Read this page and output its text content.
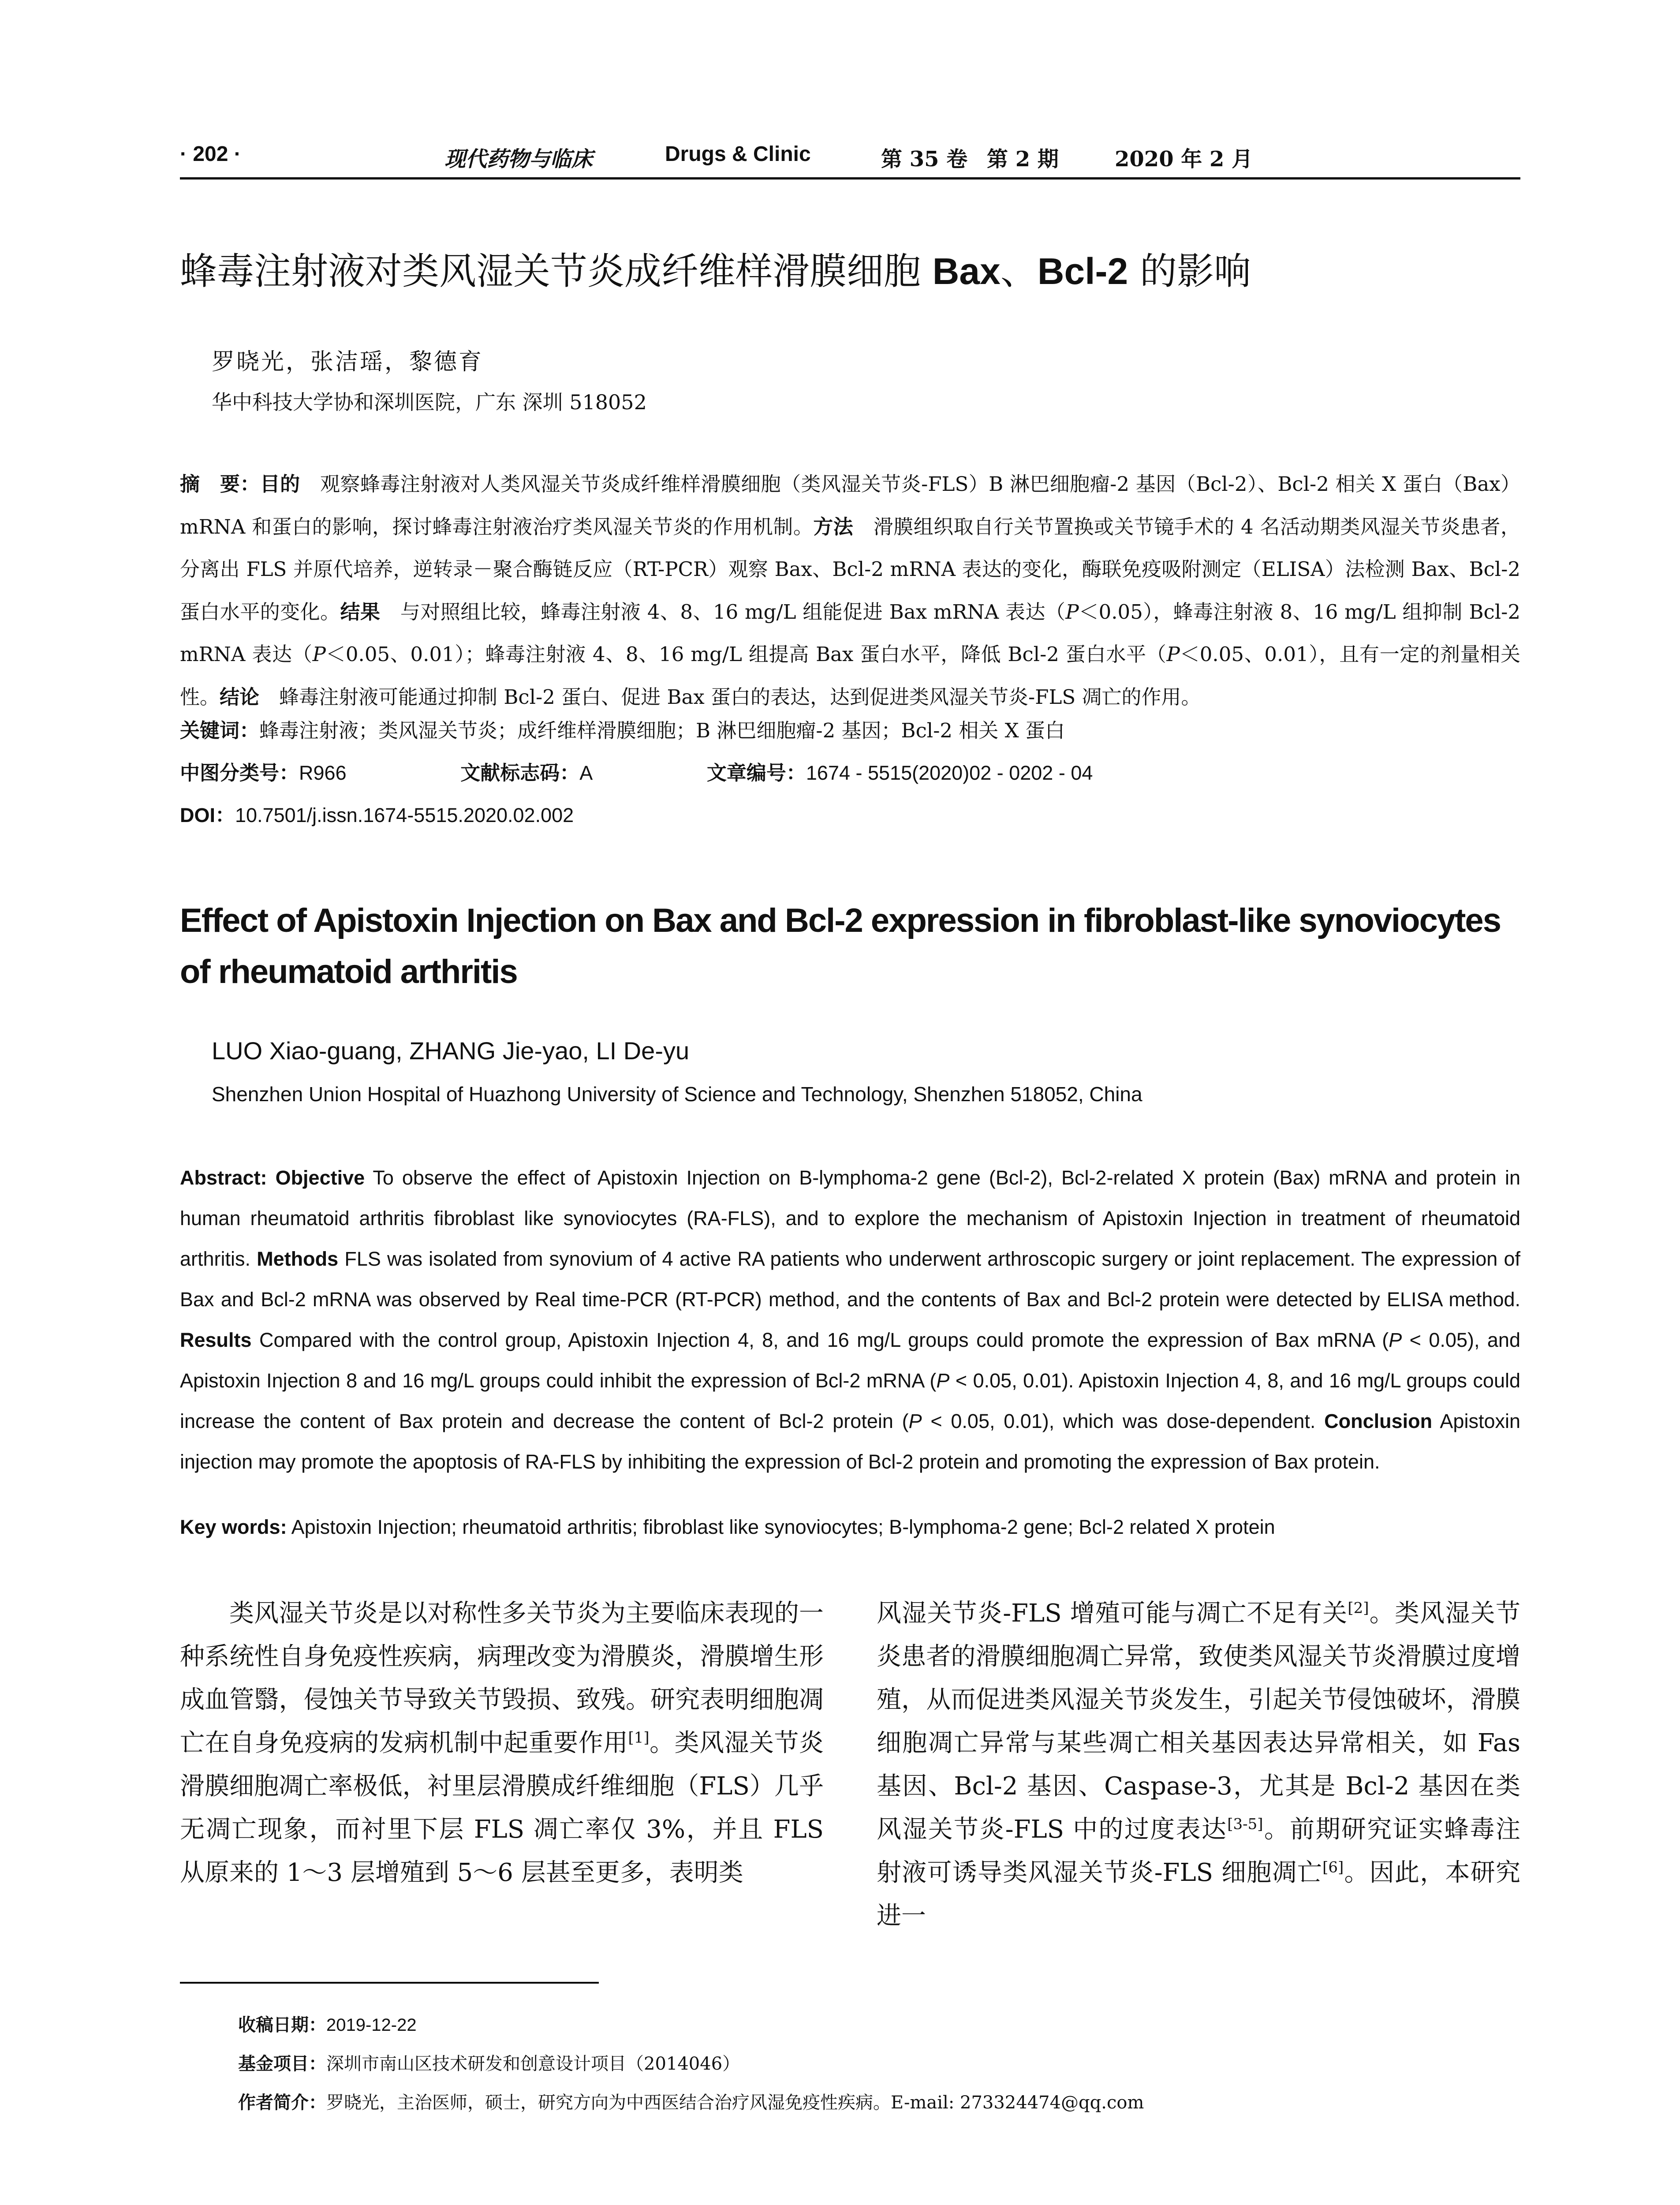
· 202 ·	现代药物与临床	Drugs & Clinic	第 35 卷 第 2 期	2020 年 2 月
蜂毒注射液对类风湿关节炎成纤维样滑膜细胞 Bax、Bcl-2 的影响
罗晓光，张洁瑶，黎德育
华中科技大学协和深圳医院，广东 深圳 518052
摘　要：目的　观察蜂毒注射液对人类风湿关节炎成纤维样滑膜细胞（类风湿关节炎-FLS）B 淋巴细胞瘤-2 基因（Bcl-2）、Bcl-2 相关 X 蛋白（Bax）mRNA 和蛋白的影响，探讨蜂毒注射液治疗类风湿关节炎的作用机制。方法　滑膜组织取自行关节置换或关节镜手术的 4 名活动期类风湿关节炎患者，分离出 FLS 并原代培养，逆转录－聚合酶链反应（RT-PCR）观察 Bax、Bcl-2 mRNA 表达的变化，酶联免疫吸附测定（ELISA）法检测 Bax、Bcl-2 蛋白水平的变化。结果　与对照组比较，蜂毒注射液 4、8、16 mg/L 组能促进 Bax mRNA 表达（P＜0.05），蜂毒注射液 8、16 mg/L 组抑制 Bcl-2 mRNA 表达（P＜0.05、0.01）；蜂毒注射液 4、8、16 mg/L 组提高 Bax 蛋白水平，降低 Bcl-2 蛋白水平（P＜0.05、0.01），且有一定的剂量相关性。结论　蜂毒注射液可能通过抑制 Bcl-2 蛋白、促进 Bax 蛋白的表达，达到促进类风湿关节炎-FLS 凋亡的作用。
关键词：蜂毒注射液；类风湿关节炎；成纤维样滑膜细胞；B 淋巴细胞瘤-2 基因；Bcl-2 相关 X 蛋白
中图分类号：R966	文献标志码：A	文章编号：1674 - 5515(2020)02 - 0202 - 04
DOI：10.7501/j.issn.1674-5515.2020.02.002
Effect of Apistoxin Injection on Bax and Bcl-2 expression in fibroblast-like synoviocytes of rheumatoid arthritis
LUO Xiao-guang, ZHANG Jie-yao, LI De-yu
Shenzhen Union Hospital of Huazhong University of Science and Technology, Shenzhen 518052, China
Abstract: Objective To observe the effect of Apistoxin Injection on B-lymphoma-2 gene (Bcl-2), Bcl-2-related X protein (Bax) mRNA and protein in human rheumatoid arthritis fibroblast like synoviocytes (RA-FLS), and to explore the mechanism of Apistoxin Injection in treatment of rheumatoid arthritis. Methods FLS was isolated from synovium of 4 active RA patients who underwent arthroscopic surgery or joint replacement. The expression of Bax and Bcl-2 mRNA was observed by Real time-PCR (RT-PCR) method, and the contents of Bax and Bcl-2 protein were detected by ELISA method. Results Compared with the control group, Apistoxin Injection 4, 8, and 16 mg/L groups could promote the expression of Bax mRNA (P < 0.05), and Apistoxin Injection 8 and 16 mg/L groups could inhibit the expression of Bcl-2 mRNA (P < 0.05, 0.01). Apistoxin Injection 4, 8, and 16 mg/L groups could increase the content of Bax protein and decrease the content of Bcl-2 protein (P < 0.05, 0.01), which was dose-dependent. Conclusion Apistoxin injection may promote the apoptosis of RA-FLS by inhibiting the expression of Bcl-2 protein and promoting the expression of Bax protein.
Key words: Apistoxin Injection; rheumatoid arthritis; fibroblast like synoviocytes; B-lymphoma-2 gene; Bcl-2 related X protein
类风湿关节炎是以对称性多关节炎为主要临床表现的一种系统性自身免疫性疾病，病理改变为滑膜炎，滑膜增生形成血管翳，侵蚀关节导致关节毁损、致残。研究表明细胞凋亡在自身免疫病的发病机制中起重要作用[1]。类风湿关节炎滑膜细胞凋亡率极低，衬里层滑膜成纤维细胞（FLS）几乎无凋亡现象，而衬里下层 FLS 凋亡率仅 3%，并且 FLS 从原来的 1～3 层增殖到 5～6 层甚至更多，表明类
风湿关节炎-FLS 增殖可能与凋亡不足有关[2]。类风湿关节炎患者的滑膜细胞凋亡异常，致使类风湿关节炎滑膜过度增殖，从而促进类风湿关节炎发生，引起关节侵蚀破坏，滑膜细胞凋亡异常与某些凋亡相关基因表达异常相关，如 Fas 基因、Bcl-2 基因、Caspase-3，尤其是 Bcl-2 基因在类风湿关节炎-FLS 中的过度表达[3-5]。前期研究证实蜂毒注射液可诱导类风湿关节炎-FLS 细胞凋亡[6]。因此，本研究进一
收稿日期：2019-12-22
基金项目：深圳市南山区技术研发和创意设计项目（2014046）
作者简介：罗晓光，主治医师，硕士，研究方向为中西医结合治疗风湿免疫性疾病。E-mail: 273324474@qq.com
